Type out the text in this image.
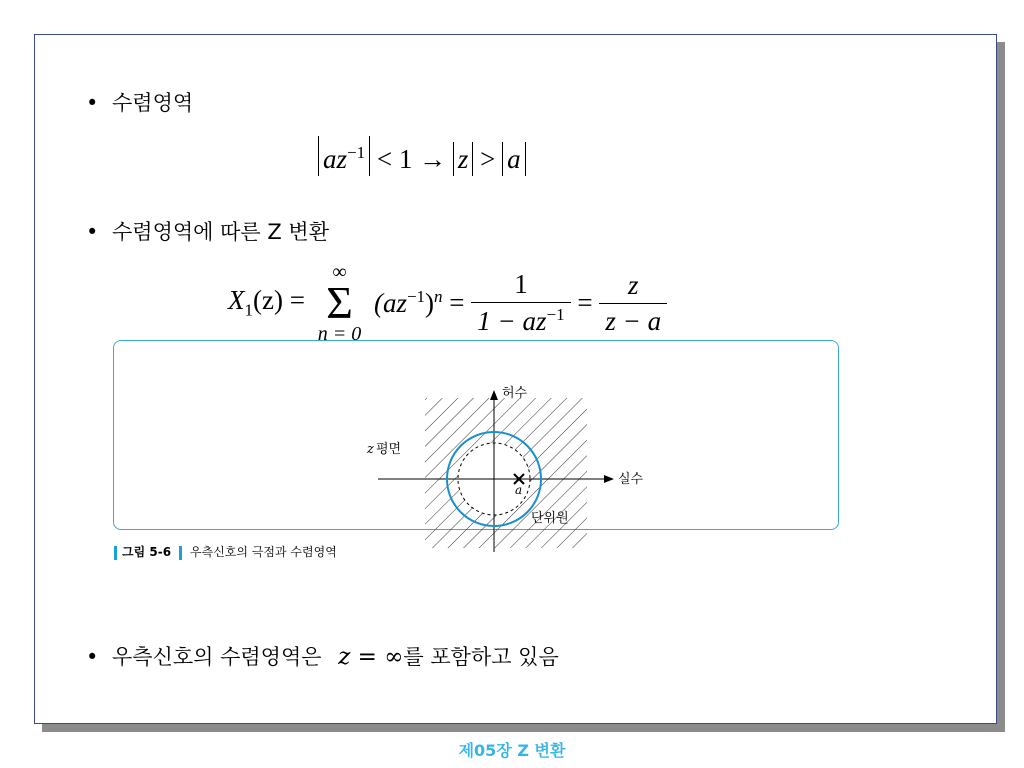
• 수렴영역
$az^{-1} < 1 \to z > a$
• 수렴영역에 따른 Z 변환
$X_1(z)$ =
∞
Σ
n = 0
$(az^{-1})^n = \frac{1}{1 - az^{-1}} = \frac{z}{z - a}$
허수
실수
z 평면
a
단위원
그림 5-6 우측신호의 극점과 수렴영역
• 우측신호의 수렴영역은 z = ∞를 포함하고 있음
제05장 Z 변환
